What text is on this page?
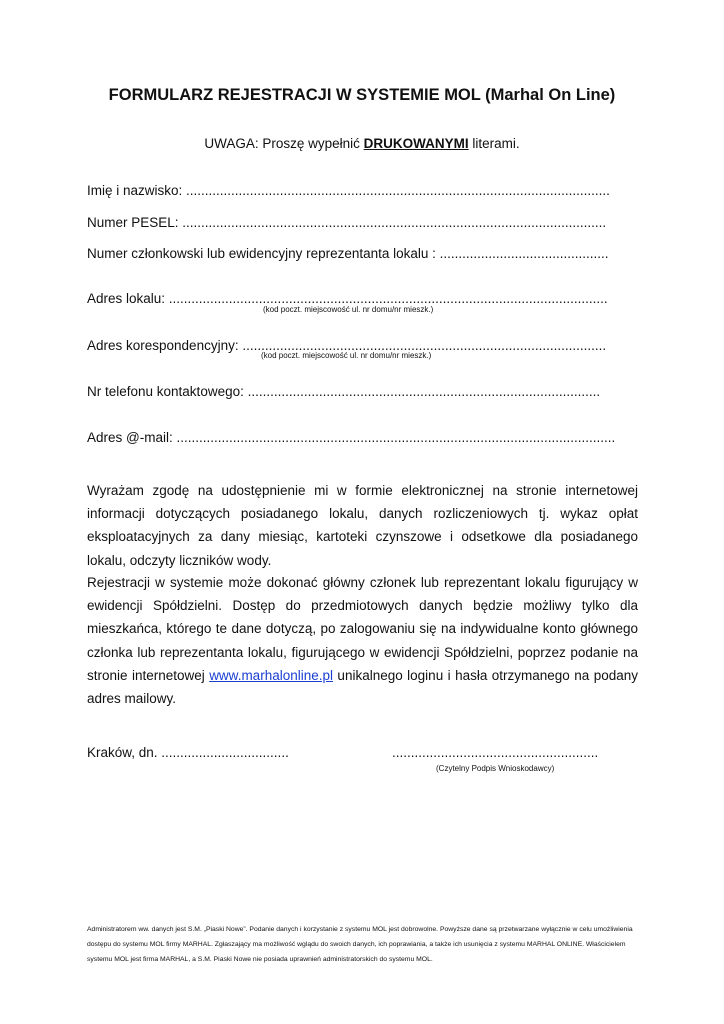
FORMULARZ REJESTRACJI W SYSTEMIE MOL (Marhal On Line)
UWAGA: Proszę wypełnić DRUKOWANYMI literami.
Imię i nazwisko: .................................................................................................................
Numer PESEL: .................................................................................................................
Numer członkowski lub ewidencyjny reprezentanta lokalu : .............................................
Adres lokalu: .....................................................................................................................
(kod poczt. miejscowość ul. nr domu/nr mieszk.)
Adres korespondencyjny: .................................................................................................
(kod poczt. miejscowość ul. nr domu/nr mieszk.)
Nr telefonu kontaktowego: ..............................................................................................
Adres @-mail: .....................................................................................................................

Wyrażam zgodę na udostępnienie mi w formie elektronicznej na stronie internetowej informacji dotyczących posiadanego lokalu, danych rozliczeniowych tj. wykaz opłat eksploatacyjnych za dany miesiąc, kartoteki czynszowe i odsetkowe dla posiadanego lokalu, odczyty liczników wody.

Rejestracji w systemie może dokonać główny członek lub reprezentant lokalu figurujący w ewidencji Spółdzielni. Dostęp do przedmiotowych danych będzie możliwy tylko dla mieszkańca, którego te dane dotyczą, po zalogowaniu się na indywidualne konto głównego członka lub reprezentanta lokalu, figurującego w ewidencji Spółdzielni, poprzez podanie na stronie internetowej www.marhalonline.pl unikalnego loginu i hasła otrzymanego na podany adres mailowy.

Kraków, dn. ..................................	.......................................................
(Czytelny Podpis Wnioskodawcy)

Administratorem ww. danych jest S.M. „Piaski Nowe”. Podanie danych i korzystanie z systemu MOL jest dobrowolne. Powyższe dane są przetwarzane wyłącznie w celu umożliwienia dostępu do systemu MOL firmy MARHAL. Zgłaszający ma możliwość wglądu do swoich danych, ich poprawiania, a także ich usunięcia z systemu MARHAL ONLINE. Właścicielem systemu MOL jest firma MARHAL, a S.M. Piaski Nowe nie posiada uprawnień administratorskich do systemu MOL.
